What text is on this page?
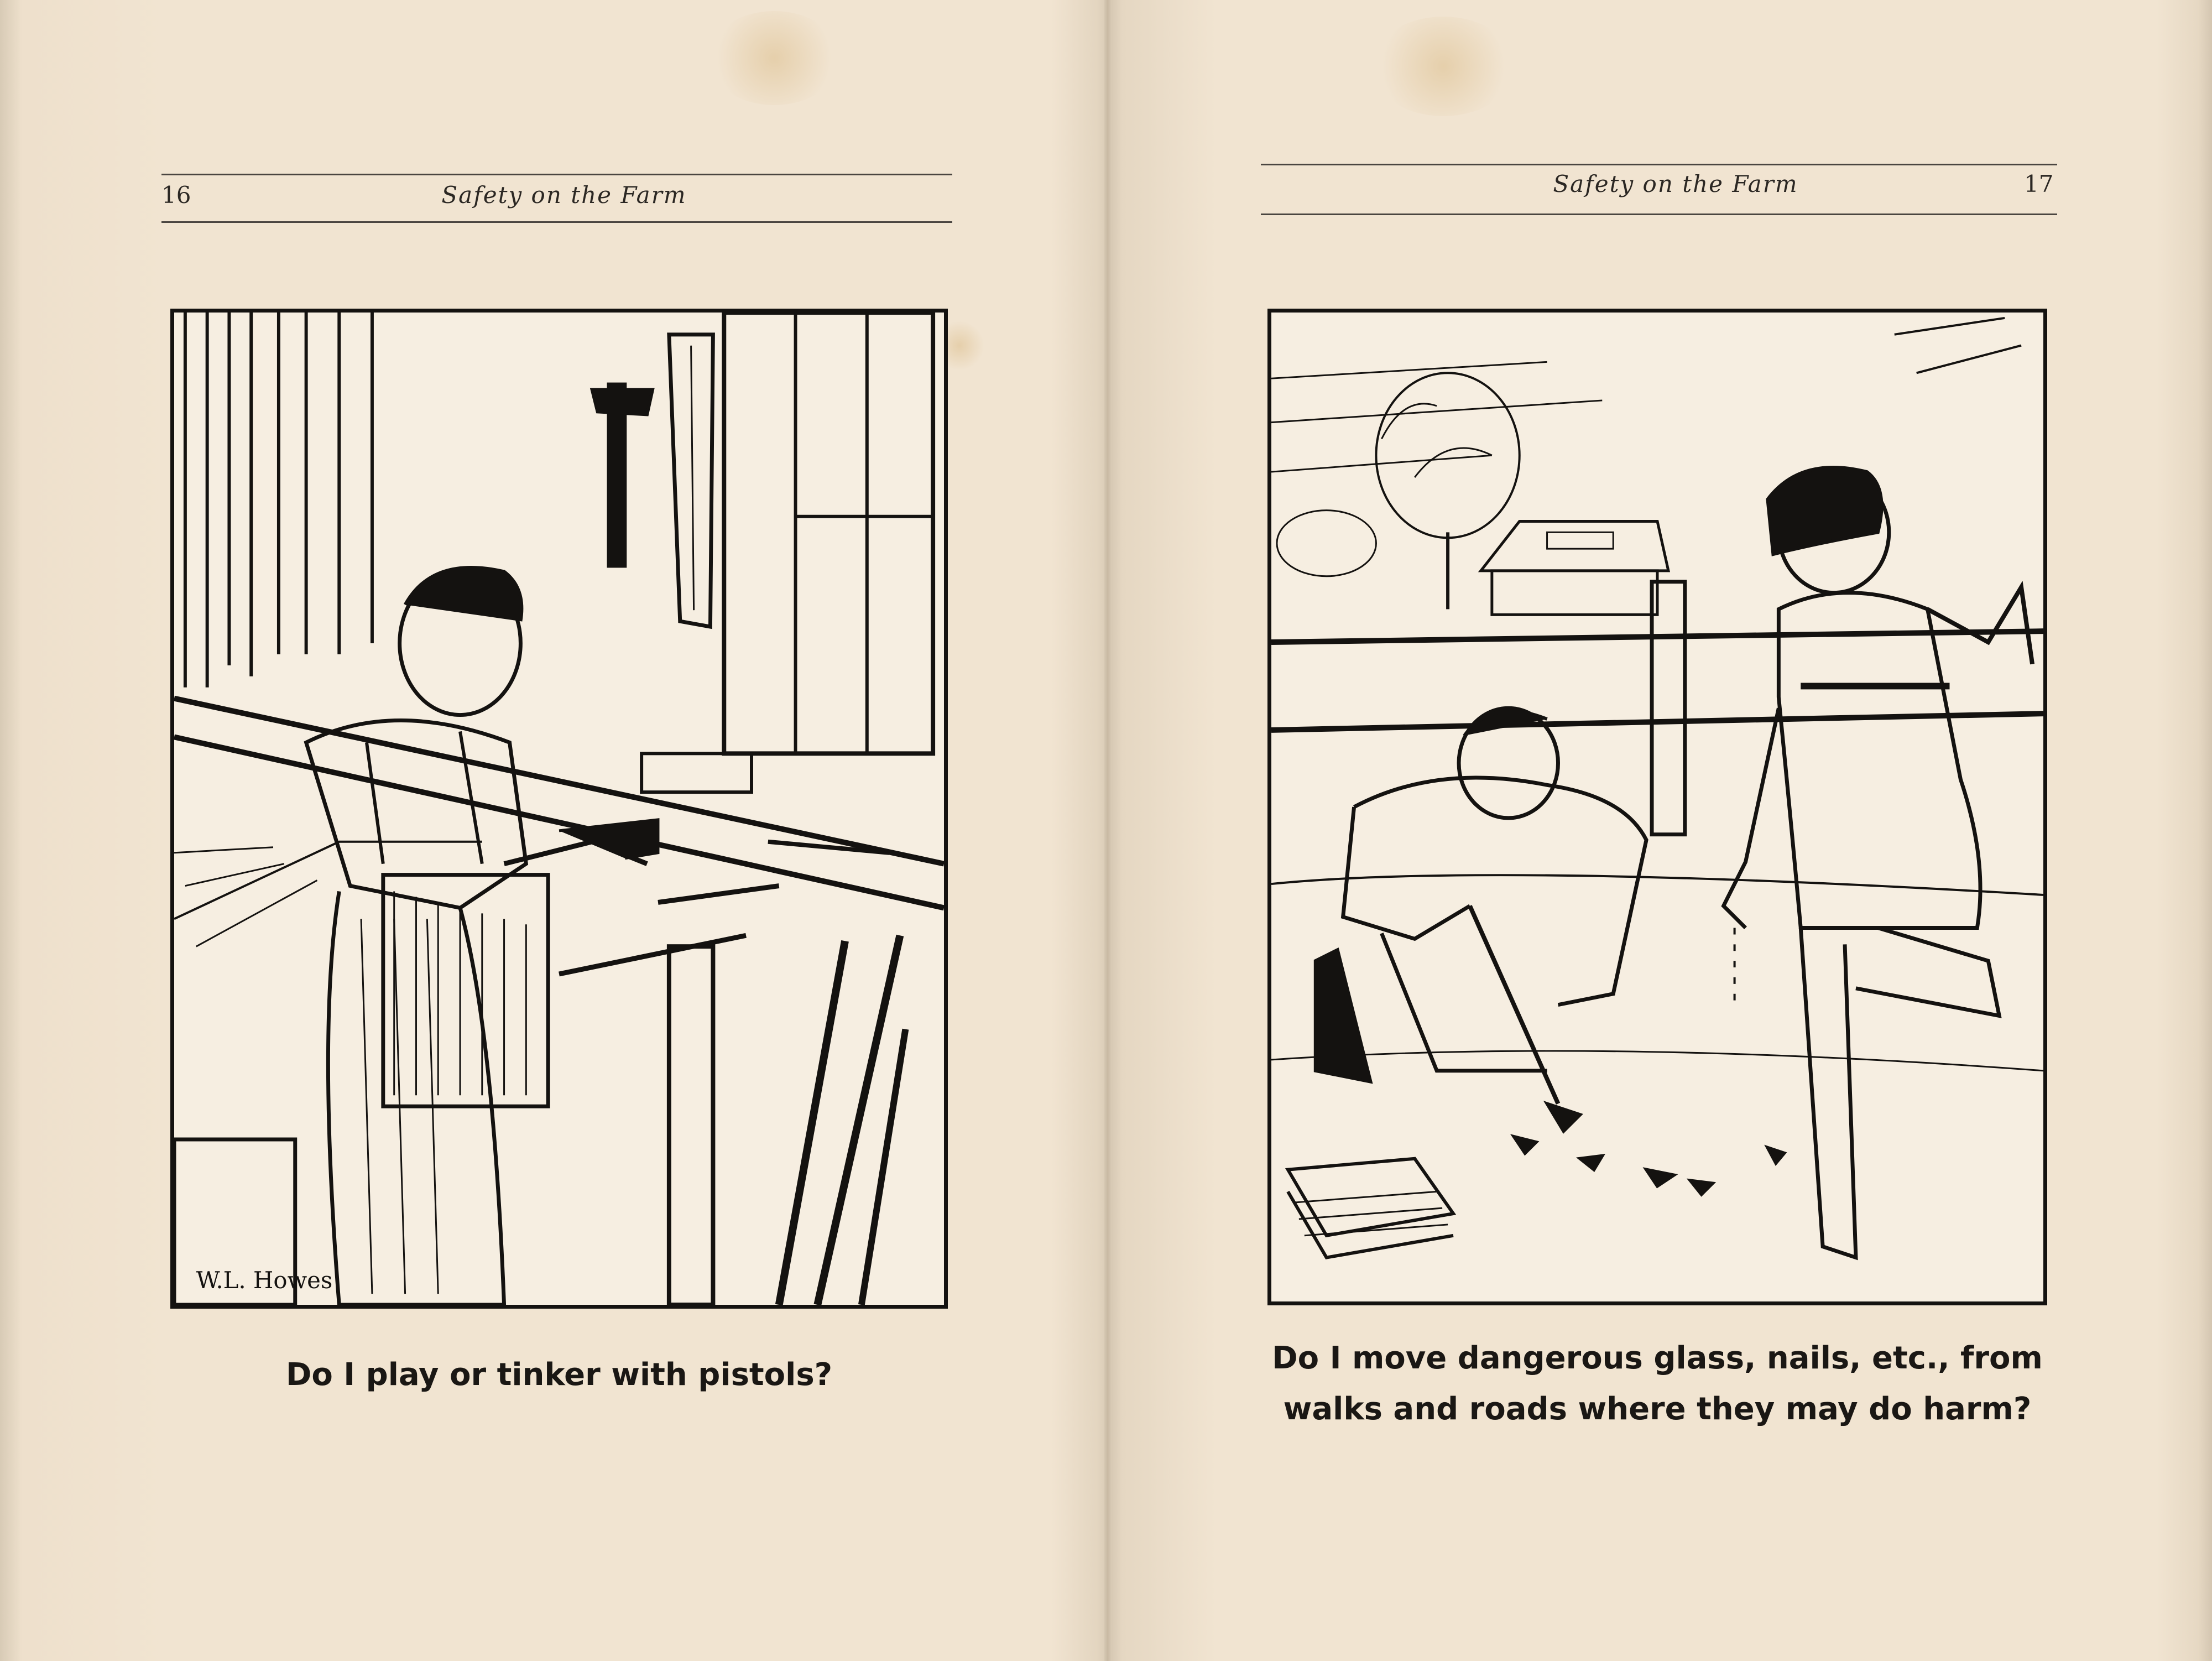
16	Safety on the Farm
W.L. Howes
Do I play or tinker with pistols?
Safety on the Farm	17
Do I move dangerous glass, nails, etc., from
walks and roads where they may do harm?
